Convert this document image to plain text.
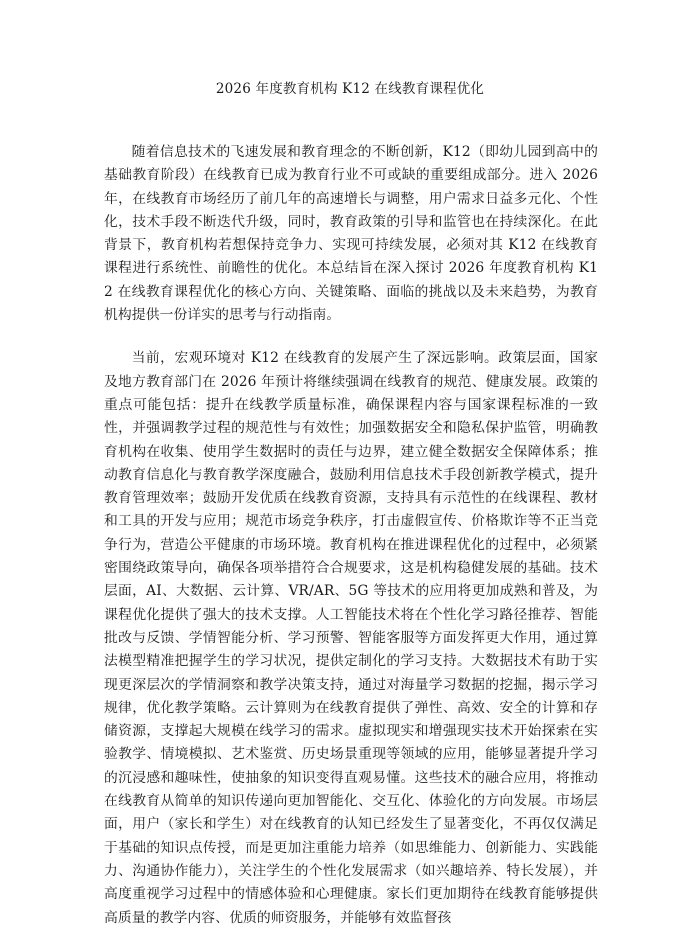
2026 年度教育机构 K12 在线教育课程优化

随着信息技术的飞速发展和教育理念的不断创新，K12（即幼儿园到高中的基础教育阶段）在线教育已成为教育行业不可或缺的重要组成部分。进入 2026 年，在线教育市场经历了前几年的高速增长与调整，用户需求日益多元化、个性化，技术手段不断迭代升级，同时，教育政策的引导和监管也在持续深化。在此背景下，教育机构若想保持竞争力、实现可持续发展，必须对其 K12 在线教育课程进行系统性、前瞻性的优化。本总结旨在深入探讨 2026 年度教育机构 K12 在线教育课程优化的核心方向、关键策略、面临的挑战以及未来趋势，为教育机构提供一份详实的思考与行动指南。

当前，宏观环境对 K12 在线教育的发展产生了深远影响。政策层面，国家及地方教育部门在 2026 年预计将继续强调在线教育的规范、健康发展。政策的重点可能包括：提升在线教学质量标准，确保课程内容与国家课程标准的一致性，并强调教学过程的规范性与有效性；加强数据安全和隐私保护监管，明确教育机构在收集、使用学生数据时的责任与边界，建立健全数据安全保障体系；推动教育信息化与教育教学深度融合，鼓励利用信息技术手段创新教学模式，提升教育管理效率；鼓励开发优质在线教育资源，支持具有示范性的在线课程、教材和工具的开发与应用；规范市场竞争秩序，打击虚假宣传、价格欺诈等不正当竞争行为，营造公平健康的市场环境。教育机构在推进课程优化的过程中，必须紧密围绕政策导向，确保各项举措符合合规要求，这是机构稳健发展的基础。技术层面，AI、大数据、云计算、VR/AR、5G 等技术的应用将更加成熟和普及，为课程优化提供了强大的技术支撑。人工智能技术将在个性化学习路径推荐、智能批改与反馈、学情智能分析、学习预警、智能客服等方面发挥更大作用，通过算法模型精准把握学生的学习状况，提供定制化的学习支持。大数据技术有助于实现更深层次的学情洞察和教学决策支持，通过对海量学习数据的挖掘，揭示学习规律，优化教学策略。云计算则为在线教育提供了弹性、高效、安全的计算和存储资源，支撑起大规模在线学习的需求。虚拟现实和增强现实技术开始探索在实验教学、情境模拟、艺术鉴赏、历史场景重现等领域的应用，能够显著提升学习的沉浸感和趣味性，使抽象的知识变得直观易懂。这些技术的融合应用，将推动在线教育从简单的知识传递向更加智能化、交互化、体验化的方向发展。市场层面，用户（家长和学生）对在线教育的认知已经发生了显著变化，不再仅仅满足于基础的知识点传授，而是更加注重能力培养（如思维能力、创新能力、实践能力、沟通协作能力），关注学生的个性化发展需求（如兴趣培养、特长发展），并高度重视学习过程中的情感体验和心理健康。家长们更加期待在线教育能够提供高质量的教学内容、优质的师资服务，并能够有效监督孩
